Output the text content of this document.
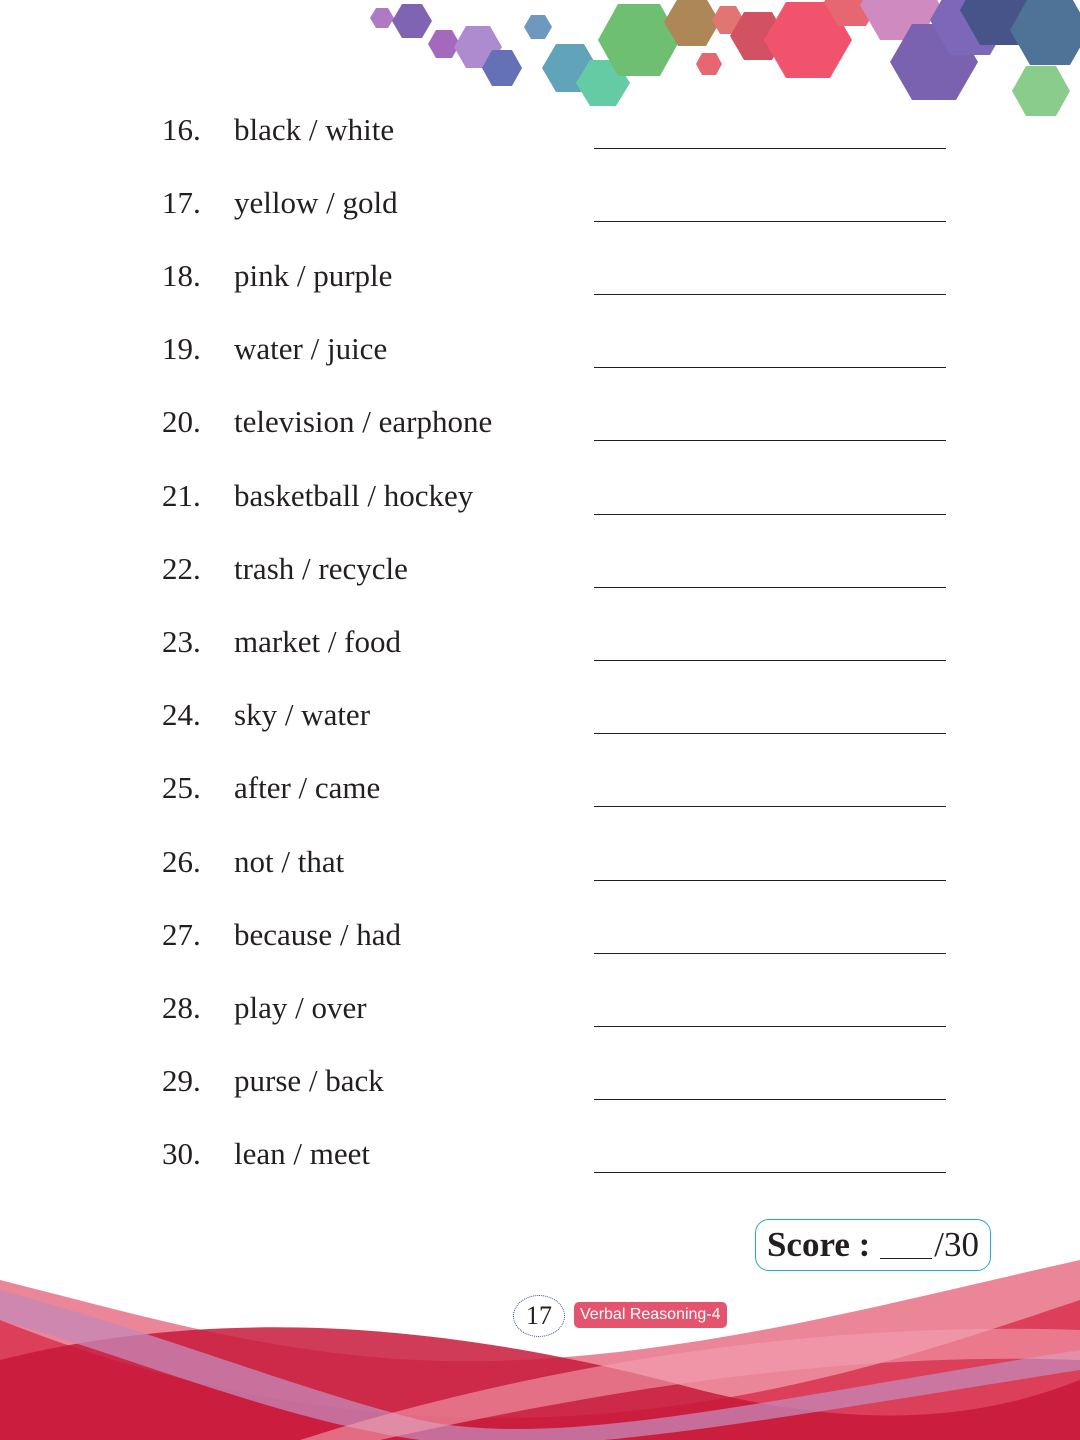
16. black / white
17. yellow / gold
18. pink / purple
19. water / juice
20. television / earphone
21. basketball / hockey
22. trash / recycle
23. market / food
24. sky / water
25. after / came
26. not / that
27. because / had
28. play / over
29. purse / back
30. lean / meet
Score : /30
17	Verbal Reasoning-4
